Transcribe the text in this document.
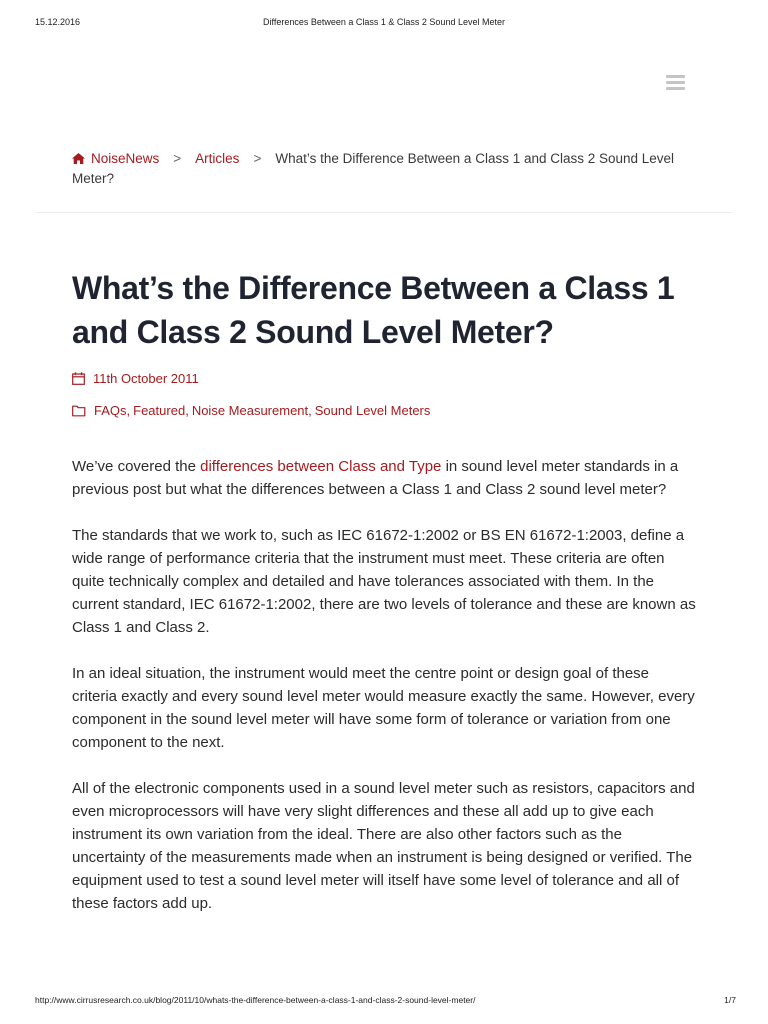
15.12.2016	Differences Between a Class 1 & Class 2 Sound Level Meter
NoiseNews > Articles > What’s the Difference Between a Class 1 and Class 2 Sound Level Meter?
What’s the Difference Between a Class 1 and Class 2 Sound Level Meter?
11th October 2011
FAQs, Featured, Noise Measurement, Sound Level Meters

We’ve covered the differences between Class and Type in sound level meter standards in a previous post but what the differences between a Class 1 and Class 2 sound level meter?

The standards that we work to, such as IEC 61672-1:2002 or BS EN 61672-1:2003, define a wide range of performance criteria that the instrument must meet. These criteria are often quite technically complex and detailed and have tolerances associated with them. In the current standard, IEC 61672-1:2002, there are two levels of tolerance and these are known as Class 1 and Class 2.

In an ideal situation, the instrument would meet the centre point or design goal of these criteria exactly and every sound level meter would measure exactly the same. However, every component in the sound level meter will have some form of tolerance or variation from one component to the next.

All of the electronic components used in a sound level meter such as resistors, capacitors and even microprocessors will have very slight differences and these all add up to give each instrument its own variation from the ideal. There are also other factors such as the uncertainty of the measurements made when an instrument is being designed or verified. The equipment used to test a sound level meter will itself have some level of tolerance and all of these factors add up.

http://www.cirrusresearch.co.uk/blog/2011/10/whats-the-difference-between-a-class-1-and-class-2-sound-level-meter/	1/7
